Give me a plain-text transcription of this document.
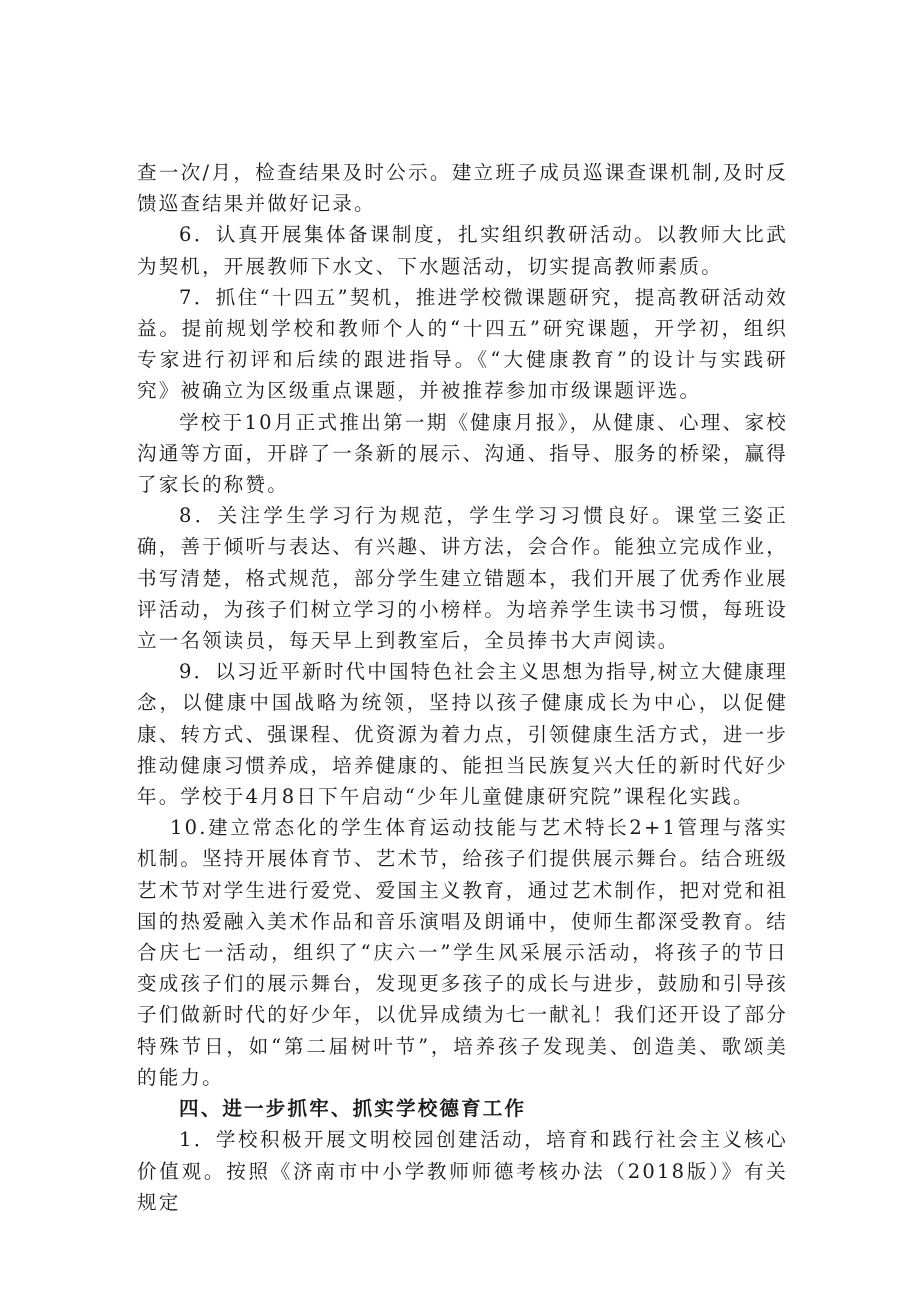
查一次/月，检查结果及时公示。建立班子成员巡课查课机制,及时反馈巡查结果并做好记录。

6．认真开展集体备课制度，扎实组织教研活动。以教师大比武为契机，开展教师下水文、下水题活动，切实提高教师素质。

7．抓住“十四五”契机，推进学校微课题研究，提高教研活动效益。提前规划学校和教师个人的“十四五”研究课题，开学初，组织专家进行初评和后续的跟进指导。《“大健康教育”的设计与实践研究》被确立为区级重点课题，并被推荐参加市级课题评选。

学校于10月正式推出第一期《健康月报》，从健康、心理、家校沟通等方面，开辟了一条新的展示、沟通、指导、服务的桥梁，赢得了家长的称赞。

8．关注学生学习行为规范，学生学习习惯良好。课堂三姿正确，善于倾听与表达、有兴趣、讲方法，会合作。能独立完成作业，书写清楚，格式规范，部分学生建立错题本，我们开展了优秀作业展评活动，为孩子们树立学习的小榜样。为培养学生读书习惯，每班设立一名领读员，每天早上到教室后，全员捧书大声阅读。

9．以习近平新时代中国特色社会主义思想为指导,树立大健康理念，以健康中国战略为统领，坚持以孩子健康成长为中心，以促健康、转方式、强课程、优资源为着力点，引领健康生活方式，进一步推动健康习惯养成，培养健康的、能担当民族复兴大任的新时代好少年。学校于4月8日下午启动“少年儿童健康研究院”课程化实践。

10.建立常态化的学生体育运动技能与艺术特长2+1管理与落实机制。坚持开展体育节、艺术节，给孩子们提供展示舞台。结合班级艺术节对学生进行爱党、爱国主义教育，通过艺术制作，把对党和祖国的热爱融入美术作品和音乐演唱及朗诵中，使师生都深受教育。结合庆七一活动，组织了“庆六一”学生风采展示活动，将孩子的节日变成孩子们的展示舞台，发现更多孩子的成长与进步，鼓励和引导孩子们做新时代的好少年，以优异成绩为七一献礼！我们还开设了部分特殊节日，如“第二届树叶节”，培养孩子发现美、创造美、歌颂美的能力。

四、进一步抓牢、抓实学校德育工作

1．学校积极开展文明校园创建活动，培育和践行社会主义核心价值观。按照《济南市中小学教师师德考核办法（2018版）》有关规定
